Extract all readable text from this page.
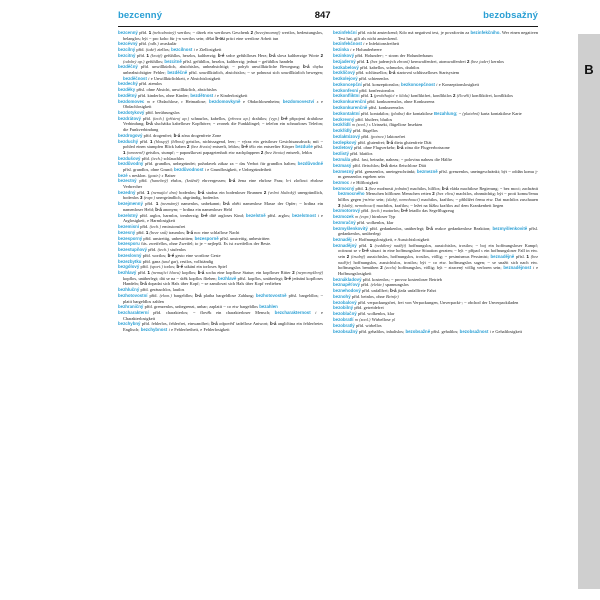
bezcenný	847	bezobsažný
B

bezcenný příd. 1 (nehodnotný) wertlos; ~ dárek ein wertloses Geschenk 2 (bezvýznamný) wertlos, bedeutungslos, belanglos; být ~ pro koho für j-n wertlos sein; dělat b-ou práci eine wertlose Arbeit tun

bezcévný příd. (odb.) avaskulär

bezcílný příd. (také) ziellos; bezcílnost i e Ziellosigkeit

bezcitný příd. 1 (krutý) gefühllos, herzlos, kaltherzig; b-é srdce gefühlloses Herz; b-á slova kaltherzige Worte 2 (odolný ap.) gefühllos; bezcitně přísl. gefühllos, herzlos, kaltherzig; jednat ~ gefühllos handeln

bezděčný příd. unwillkürlich, absichtslos, unbeabsichtigt; ~ pohyb unwillkürliche Bewegung; b-á chyba unbeabsichtigter Fehler; bezděčně přísl. unwillkürlich, absichtslos; ~ se pohnout sich unwillkürlich bewegen; bezděčnost i e Unwillkürlichkeit, e Absichtslosigkeit

bezdechý příd. atemlos

bezděky přísl. ohne Absicht, unwillkürlich, absichtslos

bezdětný příd. kinderlos, ohne Kinder; bezdětnost i e Kinderlosigkeit

bezdomovec m e Obdachlose, r Heimatlose; bezdomovkyně e Obdachlosenheim; bezdomovectví s e Obdachlosigkeit

bezdotykový příd. berührungslos

bezdrátový příd. (tech.) (přístroj ap.) schnurlos, kabellos, (přenos ap.) drahtlos; (vyp.) b-é připojení drahtlose Verbindung; b-á sluchátka kabelloser Kopfhörer; ~ zvonek die Funkklingel; ~ telefon ein schnurloses Telefon; die Funkverbindung

bezdrogový příd. drogenfrei; b-á zóna drogenfreie Zone

bezduchý příd. 1 (hloupý) (blbost) geistlos, nichtssagend, leer; ~ výraz ein geistloser Gesichtsausdruck; mít ~ pohled einen stumpfen Blick haben 2 (bez života) entseelt, leblos; b-é tělo ein entseelter Körper bezduše přísl. 1 (omezeně) geistlos, stumpf; ~ papouškovat papageienhaft etw nachplappern 2 (bez života) entseelt, leblos

bezdušový příd. (tech.) schlauchlos

bezdůvodný příd. grundlos, unbegründet; požadavek zákaz za ~ das Verbot für grundlos halten; bezdůvodně přísl. grundlos, ohne Grund; bezdůvodnost i e Grundlosigkeit, e Unbegründetheit

bezé s nesklon. (gastr.) s Baiser

bezectný příd. (hanebný) ehrlos, (knižně) ehrvergessen; b-á žena eine ehrlose Frau; b-i zločinci ehrlose Verbrecher

bezedný příd. 1 (nemající dno) bodenlos; b-á studna ein bodenloser Brunnen 2 (velmi hluboký) unergründlich, bodenlos 3 (expr.) unergründlich, abgründig, bodenlos

bezejmenný příd. 1 (neznámý) namenlos, unbekannt; b-á oběti namenlose Masse der Opfer; ~ hrdina ein namenloser Held; b-á anonym; ~ hrdina ein namenloser Held

bezelstný příd. arglos, harmlos, treuherzig; b-é dítě argloses Kind; bezelstně přísl. arglos; bezelstnost i e Arglosigkeit, e Harmlosigkeit

bezemisní příd. (tech.) emissionsfrei

bezesný příd. 1 (beze snů) traumlos; b-á noc eine schlaflose Nacht

bezesporný příd. unstreitig, unbestritten; bezesporně přísl. unstreitig, unbestritten

bezesporu čás. zweifellos, ohne Zweifel; to je ~ nejlepší. Es ist zweifellos der Beste.

bezestupňový příd. (tech.) stufenlos

bezeslovný příd. wortlos; b-é gesto eine wortlose Geste

bezezbytku příd. ganz (und gar), restlos, vollständig

bezgólový příd. (sport.) torlos; b-é utkání ein torloses Spiel

bezhlavý příd. 1 (nemající hlavu) kopflos; b-á socha eine kopflose Statue; ein kopfloser Ritter 2 (nepromyšlený) kopflos, unüberlegt; dát se na ~ útěk kopflos fliehen; bezhlavě přísl. kopflos, unüberlegt; b-é jednání kopfloses Handeln; b-á dopadat sich Hals über Kopf; ~ se zamilovat sich Hals über Kopf verlieben

bezhlučný příd. geräuschlos, lautlos

bezhotovostní příd. (ekon.) bargeldlos; b-á platba bargeldlose Zahlung; bezhotovostně přísl. bargeldlos; ~ platit bargeldlos zahlen

bezhraničný příd. grenzenlos, unbegrenzt, unbar; zaplatit ~ co etw bargeldlos bezahlen

bezcharakterní příd. charakterlos; ~ člověk ein charakterloser Mensch; bezcharakternost i e Charakterlosigkeit

bezchybný příd. fehlerlos, fehlerfrei, einwandfrei; b-á odpověď tadellose Antwort; b-á angličtina ein fehlerfreies Englisch; bezchybnost i e Fehlerfreiheit, e Fehlerlosigkeit

bezinfekční příd. nicht ansteckend; Kdo má negativní test, je považován za bezinfekčního. Wer einen negativen Test hat, gilt als nicht ansteckend.

bezinfekčnost i e Infektionsfreiheit

bezinka i e Holunderbeere

bezinkový příd. Holunder-; ~ strom der Holunderbaum

bezjaderný příd. 1 (bez jaderných zbraní) kernwaffenfrei, atomwaffenfrei 2 (bez jader) kernlos

bezkabelový příd. kabellos, schnurlos, drahtlos

bezklíčový příd. schlüssellos; b-á startovní schlüsselloses Startsystem

bezkolejový příd. schienenlos

bezkoncepční příd. konzeptionslos; bezkoncepčnost i e Konzeptionslosigkeit

bezkonfesní příd. konfessionslos

bezkonfliktní příd. 1 (probíhající v klidu) konfliktfrei, konfliktlos 2 (člověk) konfliktfrei, konfliktlos

bezkonkurenční příd. konkurrenzlos, ohne Konkurrenz

bezkonkurenčně přísl. konkurrenzlos

bezkontaktní příd. kontaktlos; (platba) die kontaktlose Bezahlung; ~ (platební) karta kontaktlose Karte

bezkrevný příd. blutleer, blutlos

bezkřídlí m (zool.) s Urinsekt, flügellose Insekten

bezkřídlý příd. flügellos

bezlaktózový příd. (potrav.) laktosefrei

bezlepkový příd. glutenfrei; b-á dieta glutenfreie Diät

bezletový příd. ohne Flugverkehr; b-á zóna die Flugverbotszone

bezlistý příd. blattlos

bezmála přísl. fast, beinahe, nahezu; ~ polovina nahezu die Hälfte

bezmasý příd. fleischlos; b-á dieta fleischlose Diät

bezmezný příd. grenzenlos, uneingeschränkt; bezmezně přísl. grenzenlos, uneingeschränkt; být ~ oddán komu j-m grenzenlos ergeben sein

bezmoc i e Hilflosigkeit

bezmocný příd. 1 (bez možnosti jednání) machtlos, hilflos; b-á vláda machtlose Regierung; ~ bez moci; zachránit bezmocného Menschen hilflosen Menschen retten 2 (bez vlivu) machtlos, ohnmächtig; být ~ proti komu/čemu hilflos gegen j-n/etw sein; (slabý, nemohoucí) machtlos, kraftlos; ~ přihlížet čemu etw. Dat machtlos zuschauen 3 (slabý, nemohoucí) machtlos, kraftlos; ~ ležet na lůžku kraftlos auf dem Krankenbett liegen

bezmotorový příd. (tech.) motorlos; b-é letadlo das Segelflugzeug

bezmozek m (expr.) hirnloser Typ

bezmračný příd. wolkenlos, klar

bezmyšlenkovitý příd. gedankenlos, unüberlegt; b-á reakce gedankenlose Reaktion; bezmyšlenkovitě přísl. gedankenlos, unüberlegt

beznaděj i e Hoffnungslosigkeit, e Aussichtslosigkeit

beznadějný příd. 1 (vzdálený naději) hoffnungslos, aussichtslos, trostlos; ~ boj ein hoffnungsloser Kampf; ocitnout se v b-é situaci in eine hoffnungslose Situation geraten; ~ být ~ případ s ein hoffnungsloser Fall in etw. sein 2 (trudný) aussichtslos, hoffnungslos, trostlos, völlig; ~ pesimismus Pessimist; beznadějně přísl. 1 (bez naděje) hoffnungslos, aussichtslos, trostlos; být ~ co etw. hoffnungslos sagen; ~ se snažit sich nach etw. hoffnungslos bemühen 2 (zcela) hoffnungslos, völlig; být ~ ztracený völlig verloren sein; beznadějnost i e Hoffnungslosigkeit

beznákladový příd. kostenlos; ~ provoz kostenloser Betrieb

beznapěťový příd. (elektr.) spannungslos

beznehodový příd. unfallfrei; b-á jízda unfallfreie Fahrt

beznohý příd. beinlos, ohne Bein(e)

bezobalový příd. verpackungsfrei, frei von Verpackungen, Unverpackt-; ~ obchod der Unverpacktladen

bezobilný příd. getreidefrei

bezoblačný příd. wolkenlos, klar

bezobratlí m (zool.) Wirbellose pl

bezobratlý příd. wirbellos

bezobsažný příd. gehaltlos, inhaltslos; bezobsažně přísl. gehaltlos; bezobsažnost i e Gehaltlosigkeit
